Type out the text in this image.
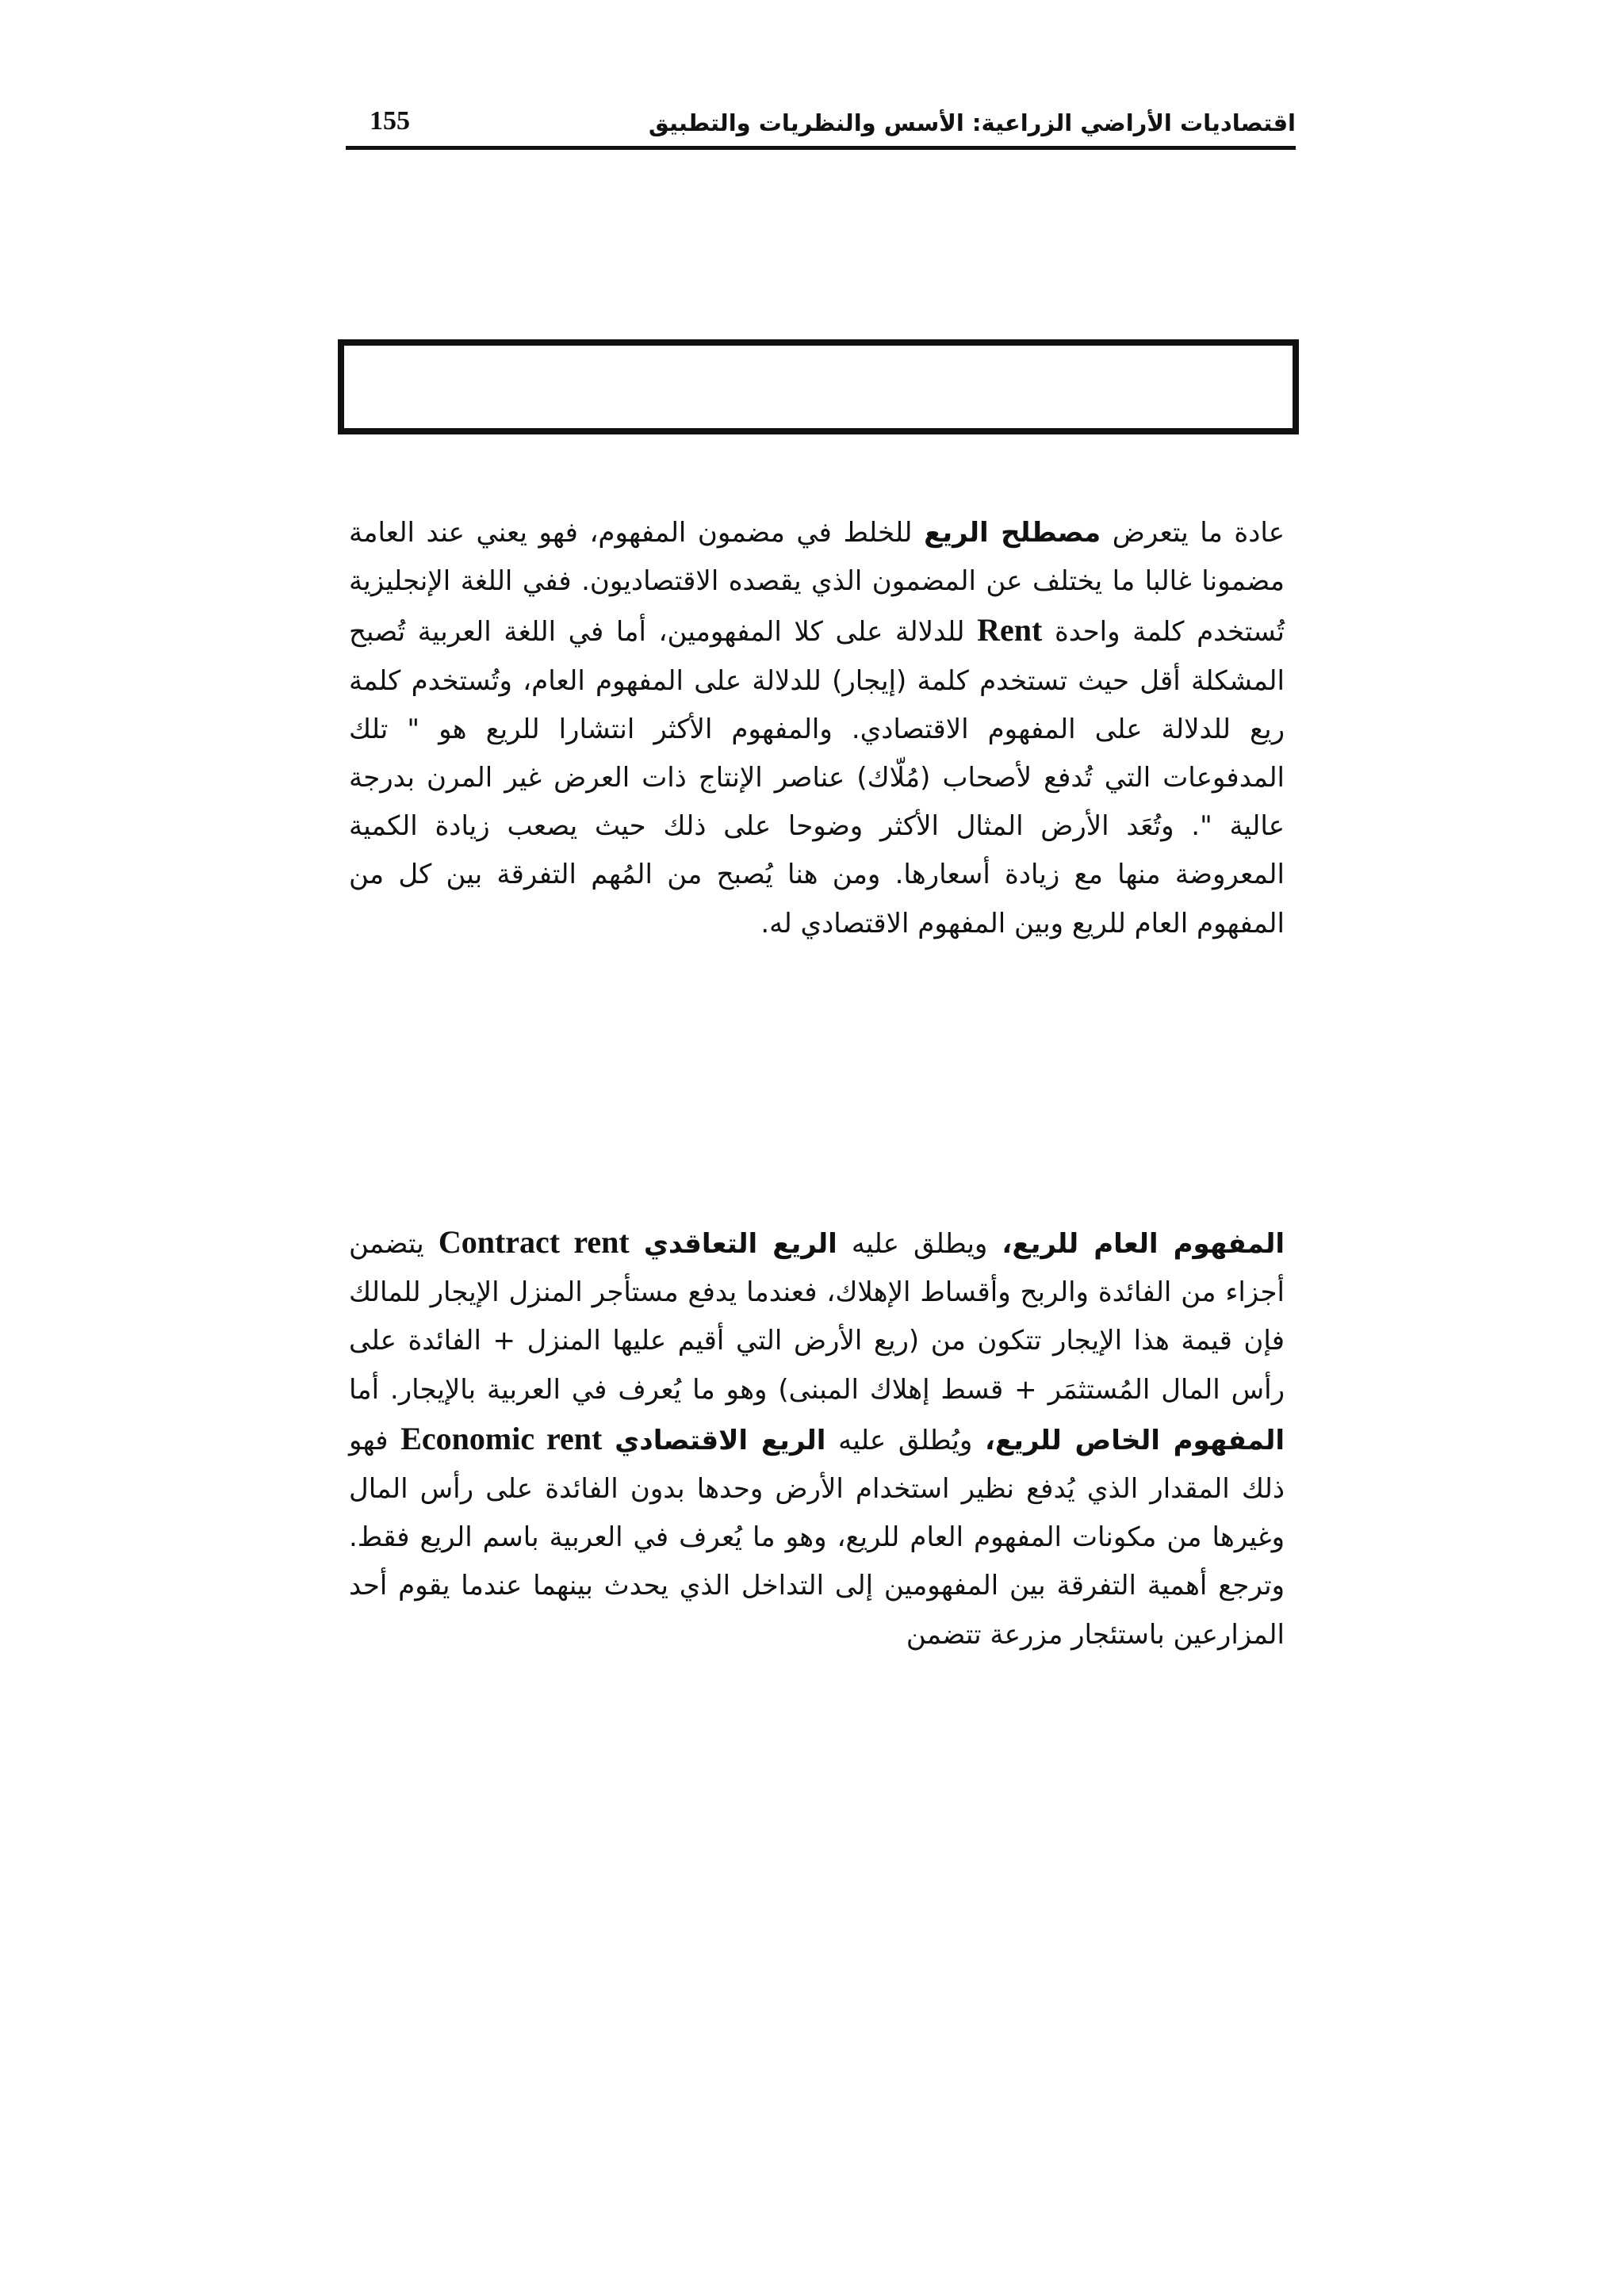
اقتصاديات الأراضي الزراعية: الأسس والنظريات والتطبيق
155

عادة ما يتعرض مصطلح الريع للخلط في مضمون المفهوم، فهو يعني عند العامة مضمونا غالبا ما يختلف عن المضمون الذي يقصده الاقتصاديون. ففي اللغة الإنجليزية تُستخدم كلمة واحدة Rent للدلالة على كلا المفهومين، أما في اللغة العربية تُصبح المشكلة أقل حيث تستخدم كلمة (إيجار) للدلالة على المفهوم العام، وتُستخدم كلمة ريع للدلالة على المفهوم الاقتصادي. والمفهوم الأكثر انتشارا للريع هو " تلك المدفوعات التي تُدفع لأصحاب (مُلّاك) عناصر الإنتاج ذات العرض غير المرن بدرجة عالية ". وتُعَد الأرض المثال الأكثر وضوحا على ذلك حيث يصعب زيادة الكمية المعروضة منها مع زيادة أسعارها. ومن هنا يُصبح من المُهم التفرقة بين كل من المفهوم العام للريع وبين المفهوم الاقتصادي له.

المفهوم العام للريع، ويطلق عليه الريع التعاقدي Contract rent يتضمن أجزاء من الفائدة والربح وأقساط الإهلاك، فعندما يدفع مستأجر المنزل الإيجار للمالك فإن قيمة هذا الإيجار تتكون من (ريع الأرض التي أقيم عليها المنزل + الفائدة على رأس المال المُستثمَر + قسط إهلاك المبنى) وهو ما يُعرف في العربية بالإيجار. أما المفهوم الخاص للريع، ويُطلق عليه الريع الاقتصادي Economic rent فهو ذلك المقدار الذي يُدفع نظير استخدام الأرض وحدها بدون الفائدة على رأس المال وغيرها من مكونات المفهوم العام للريع، وهو ما يُعرف في العربية باسم الريع فقط. وترجع أهمية التفرقة بين المفهومين إلى التداخل الذي يحدث بينهما عندما يقوم أحد المزارعين باستئجار مزرعة تتضمن
